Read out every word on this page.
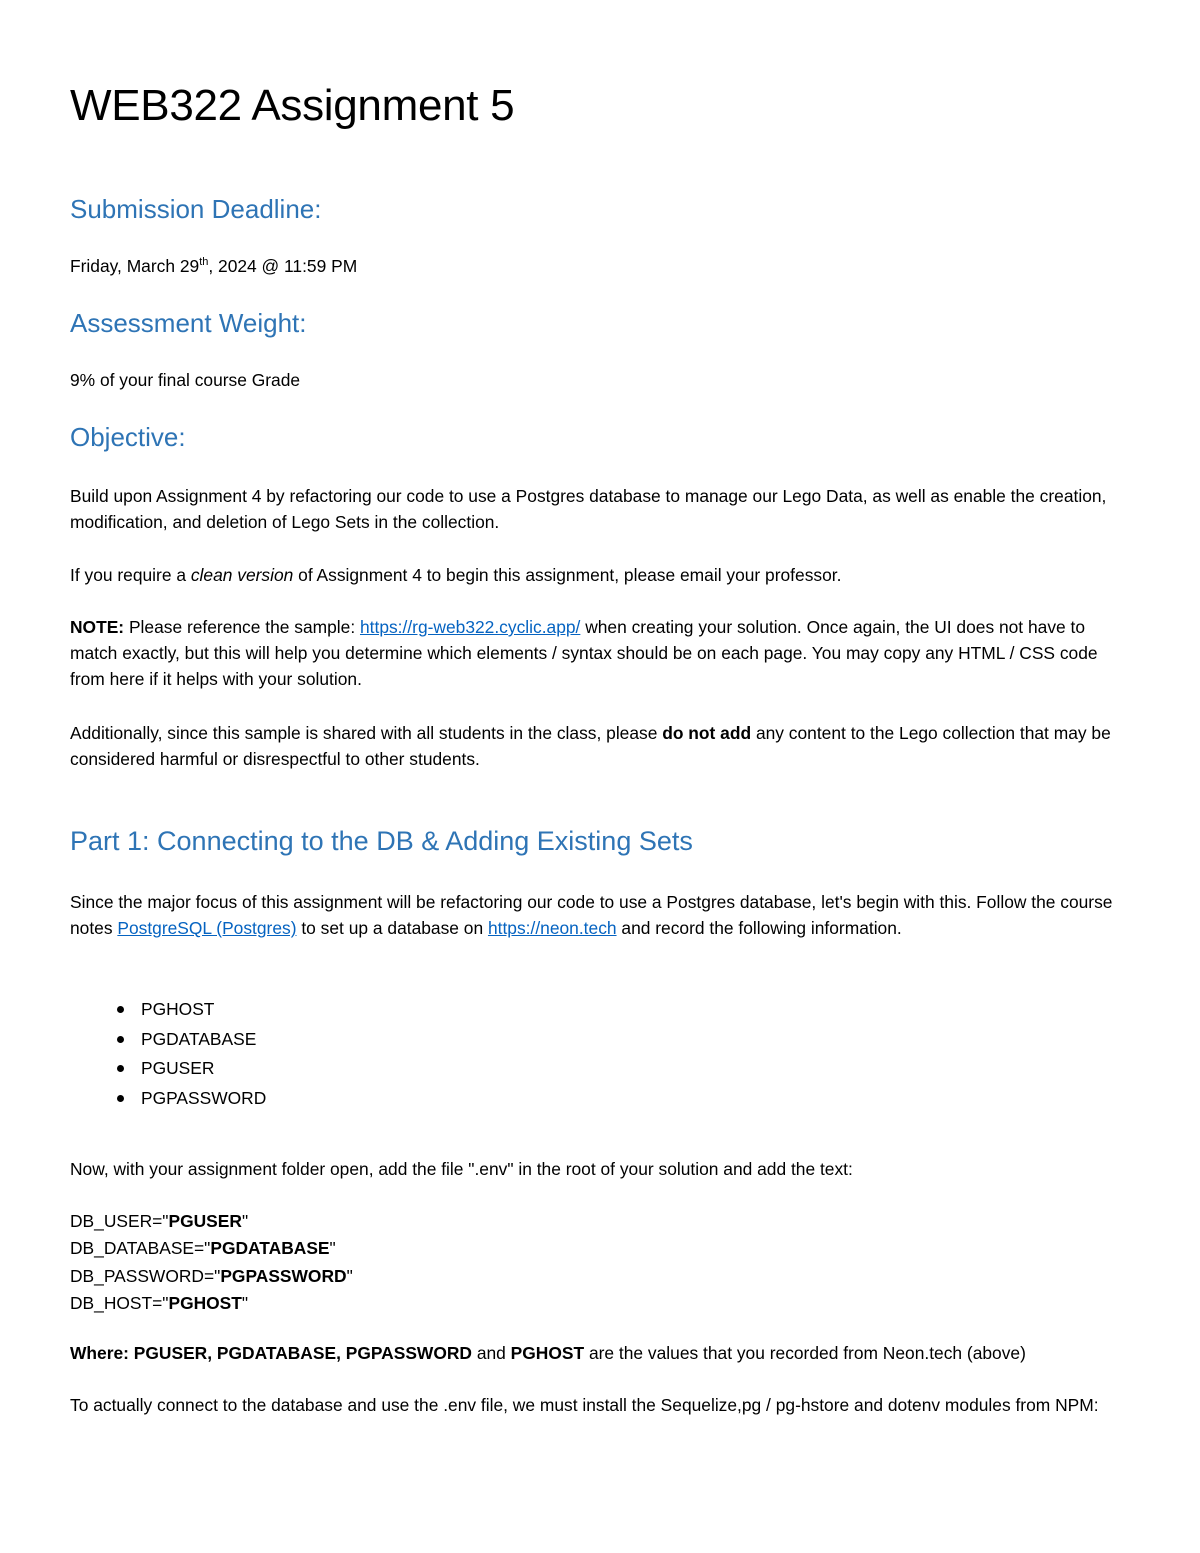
WEB322 Assignment 5
Submission Deadline:

Friday, March 29th, 2024 @ 11:59 PM

Assessment Weight:

9% of your final course Grade

Objective:

Build upon Assignment 4 by refactoring our code to use a Postgres database to manage our Lego Data, as well as enable the creation, modification, and deletion of Lego Sets in the collection.

If you require a clean version of Assignment 4 to begin this assignment, please email your professor.

NOTE: Please reference the sample: https://rg-web322.cyclic.app/ when creating your solution. Once again, the UI does not have to match exactly, but this will help you determine which elements / syntax should be on each page. You may copy any HTML / CSS code from here if it helps with your solution.

Additionally, since this sample is shared with all students in the class, please do not add any content to the Lego collection that may be considered harmful or disrespectful to other students.

Part 1: Connecting to the DB & Adding Existing Sets

Since the major focus of this assignment will be refactoring our code to use a Postgres database, let's begin with this. Follow the course notes PostgreSQL (Postgres) to set up a database on https://neon.tech and record the following information.

PGHOST
PGDATABASE
PGUSER
PGPASSWORD

Now, with your assignment folder open, add the file ".env" in the root of your solution and add the text:

DB_USER="PGUSER"
DB_DATABASE="PGDATABASE"
DB_PASSWORD="PGPASSWORD"
DB_HOST="PGHOST"

Where: PGUSER, PGDATABASE, PGPASSWORD and PGHOST are the values that you recorded from Neon.tech (above)

To actually connect to the database and use the .env file, we must install the Sequelize,pg / pg-hstore and dotenv modules from NPM:
